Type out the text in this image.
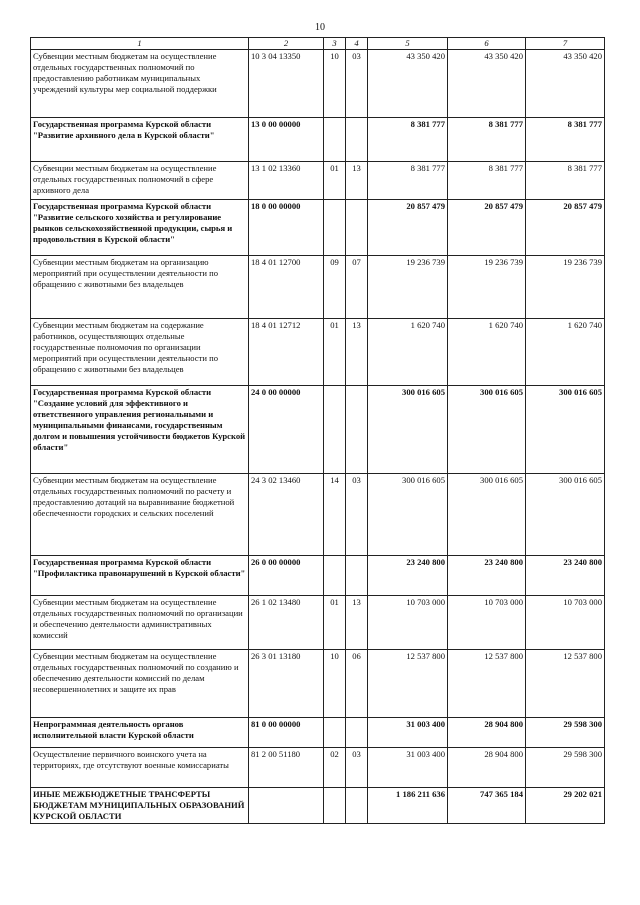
10
1	2	3	4	5	6	7
Субвенции местным бюджетам на осуществление отдельных государственных полномочий по предоставлению работникам муниципальных учреждений культуры мер социальной поддержки	10 3 04 13350	10	03	43 350 420	43 350 420	43 350 420
Государственная программа Курской области "Развитие архивного дела в Курской области"	13 0 00 00000			8 381 777	8 381 777	8 381 777
Субвенции местным бюджетам на осуществление отдельных государственных полномочий в сфере архивного дела	13 1 02 13360	01	13	8 381 777	8 381 777	8 381 777
Государственная программа Курской области "Развитие сельского хозяйства и регулирование рынков сельскохозяйственной продукции, сырья и продовольствия в Курской области"	18 0 00 00000			20 857 479	20 857 479	20 857 479
Субвенции местным бюджетам на организацию мероприятий при осуществлении деятельности по обращению с животными без владельцев	18 4 01 12700	09	07	19 236 739	19 236 739	19 236 739
Субвенции местным бюджетам на содержание работников, осуществляющих отдельные государственные полномочия по организации мероприятий при осуществлении деятельности по обращению с животными без владельцев	18 4 01 12712	01	13	1 620 740	1 620 740	1 620 740
Государственная программа Курской области "Создание условий для эффективного и ответственного управления региональными и муниципальными финансами, государственным долгом и повышения устойчивости бюджетов Курской области"	24 0 00 00000			300 016 605	300 016 605	300 016 605
Субвенции местным бюджетам на осуществление отдельных государственных полномочий по расчету и предоставлению дотаций на выравнивание бюджетной обеспеченности городских и сельских поселений	24 3 02 13460	14	03	300 016 605	300 016 605	300 016 605
Государственная программа Курской области "Профилактика правонарушений в Курской области"	26 0 00 00000			23 240 800	23 240 800	23 240 800
Субвенции местным бюджетам на осуществление отдельных государственных полномочий по организации и обеспечению деятельности административных комиссий	26 1 02 13480	01	13	10 703 000	10 703 000	10 703 000
Субвенции местным бюджетам на осуществление отдельных государственных полномочий по созданию и обеспечению деятельности комиссий по делам несовершеннолетних и защите их прав	26 3 01 13180	10	06	12 537 800	12 537 800	12 537 800
Непрограммная деятельность органов исполнительной власти Курской области	81 0 00 00000			31 003 400	28 904 800	29 598 300
Осуществление первичного воинского учета на территориях, где отсутствуют военные комиссариаты	81 2 00 51180	02	03	31 003 400	28 904 800	29 598 300
ИНЫЕ МЕЖБЮДЖЕТНЫЕ ТРАНСФЕРТЫ БЮДЖЕТАМ МУНИЦИПАЛЬНЫХ ОБРАЗОВАНИЙ КУРСКОЙ ОБЛАСТИ				1 186 211 636	747 365 184	29 202 021
